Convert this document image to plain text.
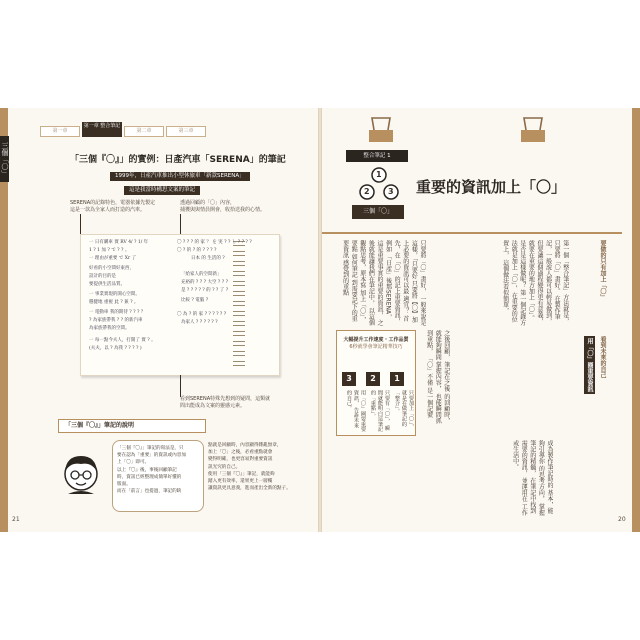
三個「〇」
第一章
第一章 整合筆記
第二章	第三章
「三個『〇』」的實例：日產汽車「SERENA」的筆記
1999年，日產汽車推出小型休旅車「新款SERENA」
這是我當時構思文案的筆記
SERENA的記錄特色，電器依據先製定
這是一款為全家人而打造的汽車。
透過回顧的「〇」內容，
捕獲與與情員開會，收拾送我的心情。
一 日有購車 實 RV 4/ ? 1/ 年
1 ? 1 加 ? で ? ? 。
一 理由が重要 で Xr 了
好看的小空間好東西，
設計的目的是
要提供生活品質。
一 事業實現的開心空間。
穩健地 重視 此 ? 兼 ? 。
一 電動車 我的期待 ? ? ? ？
? 為家族帶我 ? ? 的新汽車
為家族帶我的空間。
一 每一點今夫人，打開了 實 ? 。
(夫夫，以 ? 為我 ? ? ? ? )
〇 ? ? ? 的 家 ？ を 実 ? ? し ? ? ? ?
〇 ? 的 ? 的 ? ? ? ?
日本 的 生活的 ?
「給家人的空間新」
充裕的 ? ? ? 大空 ? ? ?
是 ? ? ? ? ? 的 ? ? 了 ?
比較 ? 電腦 ?
〇 為 ? 的 家 ? ? ? ? ? ?
為家人 ? ? ? ? ? ?
看到SERENA特殊先想到的疑問，這類就
問出能成為文案的靈感元素。
「三個『〇』」筆記的說明
「三個『〇』」筆記的寫法是，只
要在認為「重要」的資訊或內容加
上「〇」即可。
以上『〇』後，事後回顧筆記
時，資訊已經整理成簡單好懂的
版面。
而在「前言」也提過，筆記的缺
點就是回顧時，內容顯得雜亂無章，
加上「〇」之後，必看重點就會
變得明確，也更容易對重要資訊
訊光究的自己。
使用「三個『〇』」筆記，就能夠
踏入更有效率，還果更上一層樓
讓資訊更具意義，進而產出全新的點子。
21
整合筆記 1
1
2 3
三個「〇」
重要的資訊加上「〇」
只要將「〇」畫好， 一般來說是這樣，「只要好 只要將【〇】加上必要的資訊可以最 適宜？ 首先，在「〇」的記上重要資訊，例如 「日產」後那SERENA， 這是重要事實的重要的資訊， 之後就能讓我們在筆記中， 以這個觀點思考，原本寫 加上「〇」，要點 如何筆記 到需要記下的重要資訊 感覺到的重點	第一個「整合筆記」方法就是， 只要將「〇」畫好。 在製作筆記，一般說人都可以輕易做到， 但要讓這個過程變得更有意義， 就要在重要的地方加上「〇」。 是否是這樣做呢？ 第一個記錄方法就是加上「〇」， 在重要的位置上， 這個做法看似簡單，	要做的只有加上「〇」
大幅提升工作速度・工作品質
6秒就學會筆記精華技巧
3	2	1
用「〇」圈要重要資訊， 告訴未來的自己。	只要有「〇」， 瞬間就能明白這筆記的「重點」。	只要加上「〇」， 就是在做筆記的「整合」。
之後回顧， 筆記在之後 的回顧時， 就能夠瞬間 掌握內容， 也能瞬間抓 到重點， 「〇」不僅 是一個記號
用「〇」圈重要資訊	看到未來的自己
成為製作筆記時的 基本，能夠引導你 的思考方向， 掌握筆記的精髓， 在筆記中找到 需要的資訊， 並運用在 工作或生活中。
20
